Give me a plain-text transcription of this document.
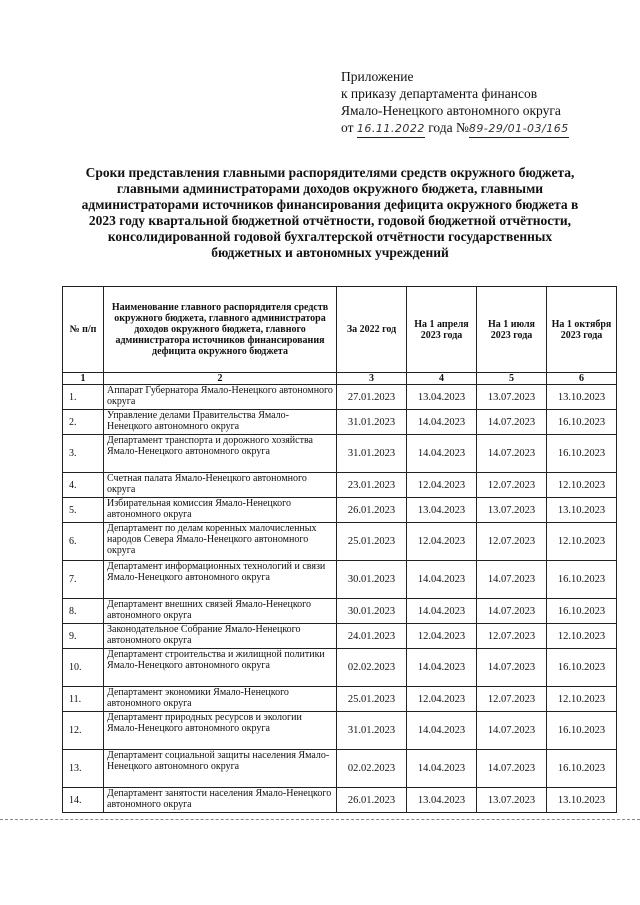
Приложение
к приказу департамента финансов
Ямало-Ненецкого автономного округа
от 16.11.2022 года №89-29/01-03/165
Сроки представления главными распорядителями средств окружного бюджета, главными администраторами доходов окружного бюджета, главными администраторами источников финансирования дефицита окружного бюджета в 2023 году квартальной бюджетной отчётности, годовой бюджетной отчётности, консолидированной годовой бухгалтерской отчётности государственных бюджетных и автономных учреждений
№ п/п	Наименование главного распорядителя средств окружного бюджета, главного администратора доходов окружного бюджета, главного администратора источников финансирования дефицита окружного бюджета	За 2022 год	На 1 апреля 2023 года	На 1 июля 2023 года	На 1 октября 2023 года
1	2	3	4	5	6
1.	Аппарат Губернатора Ямало-Ненецкого автономного округа	27.01.2023	13.04.2023	13.07.2023	13.10.2023
2.	Управление делами Правительства Ямало-Ненецкого автономного округа	31.01.2023	14.04.2023	14.07.2023	16.10.2023
3.	Департамент транспорта и дорожного хозяйства Ямало-Ненецкого автономного округа	31.01.2023	14.04.2023	14.07.2023	16.10.2023
4.	Счетная палата Ямало-Ненецкого автономного округа	23.01.2023	12.04.2023	12.07.2023	12.10.2023
5.	Избирательная комиссия Ямало-Ненецкого автономного округа	26.01.2023	13.04.2023	13.07.2023	13.10.2023
6.	Департамент по делам коренных малочисленных народов Севера Ямало-Ненецкого автономного округа	25.01.2023	12.04.2023	12.07.2023	12.10.2023
7.	Департамент информационных технологий и связи Ямало-Ненецкого автономного округа	30.01.2023	14.04.2023	14.07.2023	16.10.2023
8.	Департамент внешних связей Ямало-Ненецкого автономного округа	30.01.2023	14.04.2023	14.07.2023	16.10.2023
9.	Законодательное Собрание Ямало-Ненецкого автономного округа	24.01.2023	12.04.2023	12.07.2023	12.10.2023
10.	Департамент строительства и жилищной политики Ямало-Ненецкого автономного округа	02.02.2023	14.04.2023	14.07.2023	16.10.2023
11.	Департамент экономики Ямало-Ненецкого автономного округа	25.01.2023	12.04.2023	12.07.2023	12.10.2023
12.	Департамент природных ресурсов и экологии Ямало-Ненецкого автономного округа	31.01.2023	14.04.2023	14.07.2023	16.10.2023
13.	Департамент социальной защиты населения Ямало-Ненецкого автономного округа	02.02.2023	14.04.2023	14.07.2023	16.10.2023
14.	Департамент занятости населения Ямало-Ненецкого автономного округа	26.01.2023	13.04.2023	13.07.2023	13.10.2023
